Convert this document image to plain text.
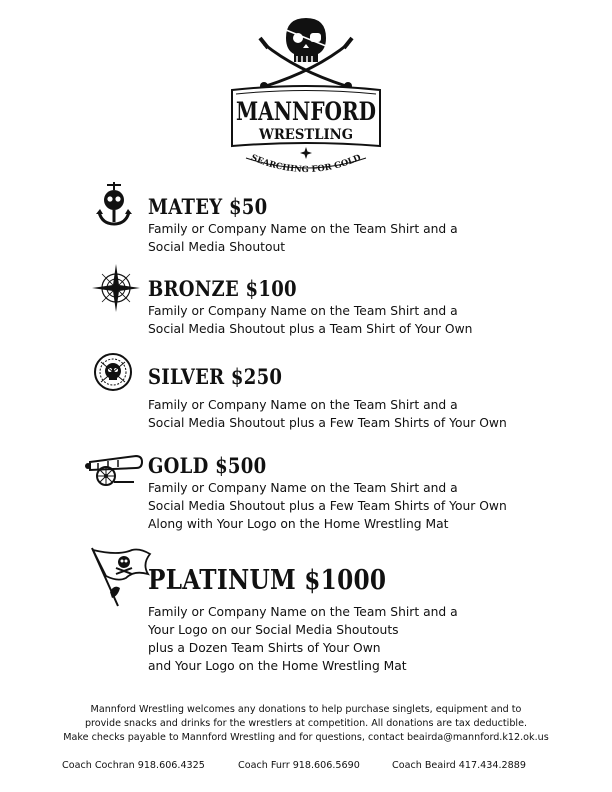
MANNFORD
WRESTLING
SEARCHING FOR GOLD
MATEY $50

Family or Company Name on the Team Shirt and a

Social Media Shoutout

BRONZE $100

Family or Company Name on the Team Shirt and a

Social Media Shoutout plus a Team Shirt of Your Own

SILVER $250

Family or Company Name on the Team Shirt and a

Social Media Shoutout plus a Few Team Shirts of Your Own

GOLD $500

Family or Company Name on the Team Shirt and a

Social Media Shoutout plus a Few Team Shirts of Your Own

Along with Your Logo on the Home Wrestling Mat

PLATINUM $1000

Family or Company Name on the Team Shirt and a

Your Logo on our Social Media Shoutouts

plus a Dozen Team Shirts of Your Own

and Your Logo on the Home Wrestling Mat

Mannford Wrestling welcomes any donations to help purchase singlets, equipment and to

provide snacks and drinks for the wrestlers at competition. All donations are tax deductible.

Make checks payable to Mannford Wrestling and for questions, contact beairda@mannford.k12.ok.us

Coach Cochran 918.606.4325	Coach Furr 918.606.5690	Coach Beaird 417.434.2889
